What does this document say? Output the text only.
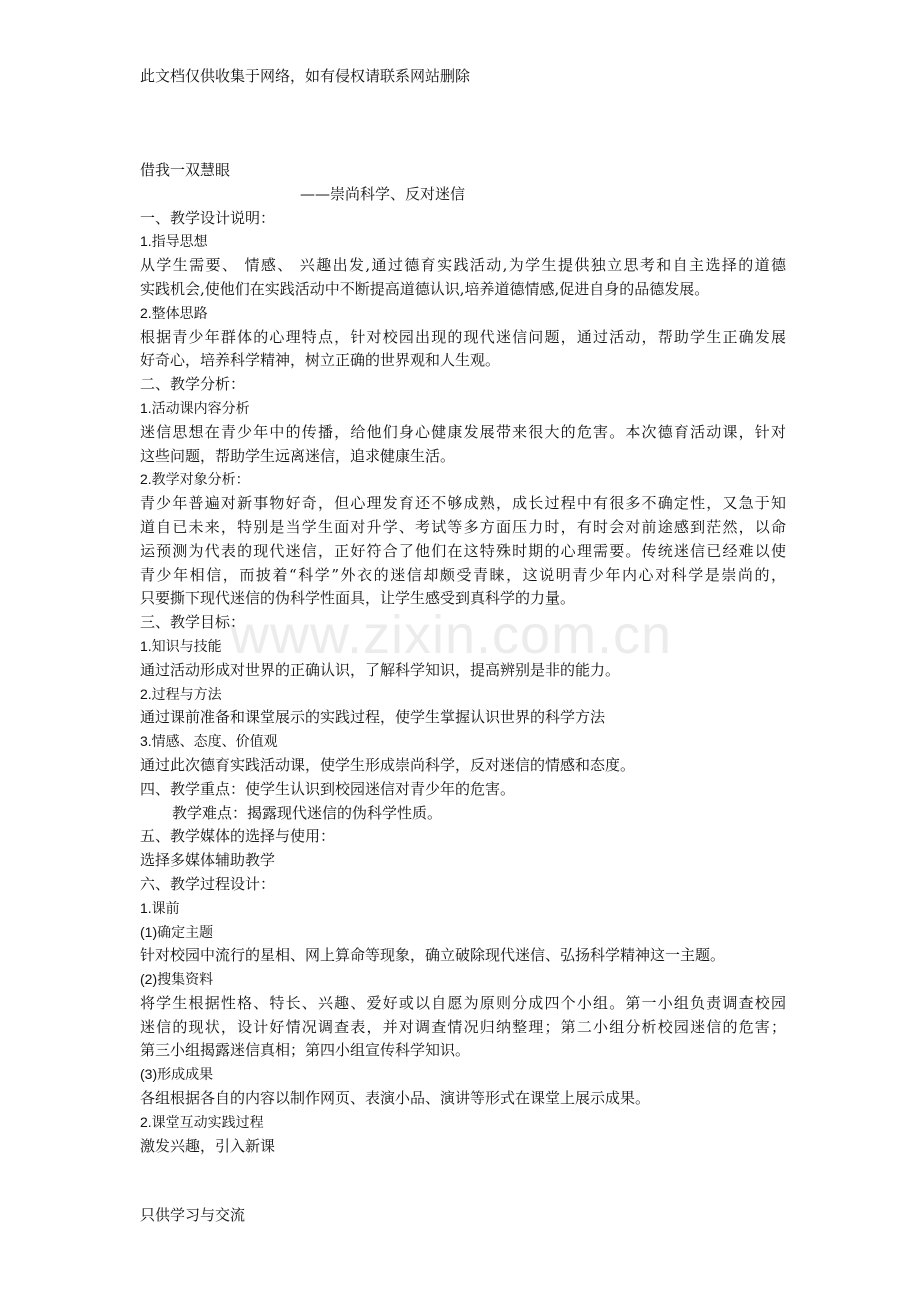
此文档仅供收集于网络，如有侵权请联系网站删除
www.zixin.com.cn

借我一双慧眼

——崇尚科学、反对迷信

一、教学设计说明：

1.指导思想

从学生需要、 情感、 兴趣出发,通过德育实践活动,为学生提供独立思考和自主选择的道德

实践机会,使他们在实践活动中不断提高道德认识,培养道德情感,促进自身的品德发展。

2.整体思路

根据青少年群体的心理特点，针对校园出现的现代迷信问题，通过活动，帮助学生正确发展

好奇心，培养科学精神，树立正确的世界观和人生观。

二、教学分析：

1.活动课内容分析

迷信思想在青少年中的传播，给他们身心健康发展带来很大的危害。本次德育活动课，针对

这些问题，帮助学生远离迷信，追求健康生活。

2.教学对象分析：

青少年普遍对新事物好奇，但心理发育还不够成熟，成长过程中有很多不确定性，又急于知

道自已未来，特别是当学生面对升学、考试等多方面压力时，有时会对前途感到茫然，以命

运预测为代表的现代迷信，正好符合了他们在这特殊时期的心理需要。传统迷信已经难以使

青少年相信，而披着“科学”外衣的迷信却颇受青睐，这说明青少年内心对科学是崇尚的，

只要撕下现代迷信的伪科学性面具，让学生感受到真科学的力量。

三、教学目标：

1.知识与技能

通过活动形成对世界的正确认识，了解科学知识，提高辨别是非的能力。

2.过程与方法

通过课前准备和课堂展示的实践过程，使学生掌握认识世界的科学方法

3.情感、态度、价值观

通过此次德育实践活动课，使学生形成崇尚科学，反对迷信的情感和态度。

四、教学重点：使学生认识到校园迷信对青少年的危害。

教学难点：揭露现代迷信的伪科学性质。

五、教学媒体的选择与使用：

选择多媒体辅助教学

六、教学过程设计：

1.课前

(1)确定主题

针对校园中流行的星相、网上算命等现象，确立破除现代迷信、弘扬科学精神这一主题。

(2)搜集资料

将学生根据性格、特长、兴趣、爱好或以自愿为原则分成四个小组。第一小组负责调查校园

迷信的现状，设计好情况调查表，并对调查情况归纳整理；第二小组分析校园迷信的危害；

第三小组揭露迷信真相；第四小组宣传科学知识。

(3)形成成果

各组根据各自的内容以制作网页、表演小品、演讲等形式在课堂上展示成果。

2.课堂互动实践过程

激发兴趣，引入新课

只供学习与交流
